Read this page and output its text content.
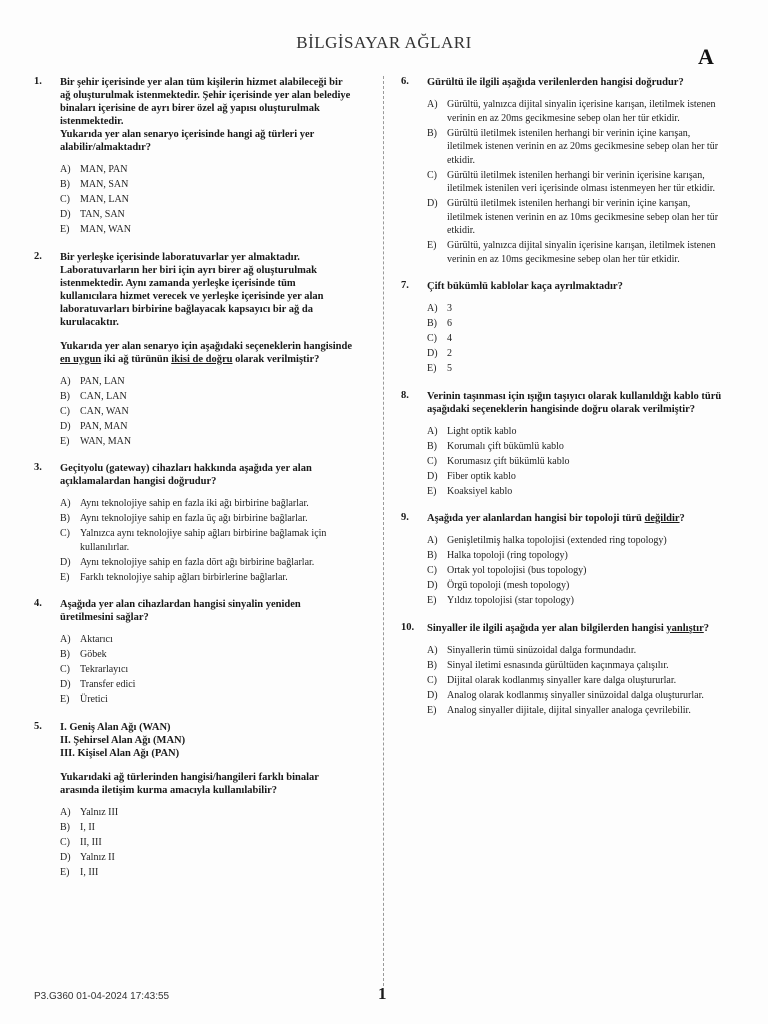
BİLGİSAYAR AĞLARI
A
1. Bir şehir içerisinde yer alan tüm kişilerin hizmet alabileceği bir ağ oluşturulmak istenmektedir. Şehir içerisinde yer alan belediye binaları içerisine de ayrı birer özel ağ yapısı oluşturulmak istenmektedir.

Yukarıda yer alan senaryo içerisinde hangi ağ türleri yer alabilir/almaktadır?

A) MAN, PAN
B) MAN, SAN
C) MAN, LAN
D) TAN, SAN
E) MAN, WAN
2. Bir yerleşke içerisinde laboratuvarlar yer almaktadır. Laboratuvarların her biri için ayrı birer ağ oluşturulmak istenmektedir. Aynı zamanda yerleşke içerisinde tüm kullanıcılara hizmet verecek ve yerleşke içerisinde yer alan laboratuvarları birbirine bağlayacak kapsayıcı bir ağ da kurulacaktır.

Yukarıda yer alan senaryo için aşağıdaki seçeneklerin hangisinde en uygun iki ağ türünün ikisi de doğru olarak verilmiştir?

A) PAN, LAN
B) CAN, LAN
C) CAN, WAN
D) PAN, MAN
E) WAN, MAN
3. Geçityolu (gateway) cihazları hakkında aşağıda yer alan açıklamalardan hangisi doğrudur?

A) Aynı teknolojiye sahip en fazla iki ağı birbirine bağlarlar.
B) Aynı teknolojiye sahip en fazla üç ağı birbirine bağlarlar.
C) Yalnızca aynı teknolojiye sahip ağları birbirine bağlamak için kullanılırlar.
D) Aynı teknolojiye sahip en fazla dört ağı birbirine bağlarlar.
E) Farklı teknolojiye sahip ağları birbirlerine bağlarlar.
4. Aşağıda yer alan cihazlardan hangisi sinyalin yeniden üretilmesini sağlar?

A) Aktarıcı
B) Göbek
C) Tekrarlayıcı
D) Transfer edici
E) Üretici
5. I. Geniş Alan Ağı (WAN)

II. Şehirsel Alan Ağı (MAN)

III. Kişisel Alan Ağı (PAN)

Yukarıdaki ağ türlerinden hangisi/hangileri farklı binalar arasında iletişim kurma amacıyla kullanılabilir?

A) Yalnız III
B) I, II
C) II, III
D) Yalnız II
E) I, III
6. Gürültü ile ilgili aşağıda verilenlerden hangisi doğrudur?

A) Gürültü, yalnızca dijital sinyalin içerisine karışan, iletilmek istenen verinin en az 20ms gecikmesine sebep olan her tür etkidir.
B) Gürültü iletilmek istenilen herhangi bir verinin içine karışan, iletilmek istenen verinin en az 20ms gecikmesine sebep olan her tür etkidir.
C) Gürültü iletilmek istenilen herhangi bir verinin içerisine karışan, iletilmek istenilen veri içerisinde olması istenmeyen her tür etkidir.
D) Gürültü iletilmek istenilen herhangi bir verinin içine karışan, iletilmek istenen verinin en az 10ms gecikmesine sebep olan her tür etkidir.
E) Gürültü, yalnızca dijital sinyalin içerisine karışan, iletilmek istenen verinin en az 10ms gecikmesine sebep olan her tür etkidir.
7. Çift bükümlü kablolar kaça ayrılmaktadır?

A) 3
B) 6
C) 4
D) 2
E) 5
8. Verinin taşınması için ışığın taşıyıcı olarak kullanıldığı kablo türü aşağıdaki seçeneklerin hangisinde doğru olarak verilmiştir?

A) Light optik kablo
B) Korumalı çift bükümlü kablo
C) Korumasız çift bükümlü kablo
D) Fiber optik kablo
E) Koaksiyel kablo
9. Aşağıda yer alanlardan hangisi bir topoloji türü değildir?

A) Genişletilmiş halka topolojisi (extended ring topology)
B) Halka topoloji (ring topology)
C) Ortak yol topolojisi (bus topology)
D) Örgü topoloji (mesh topology)
E) Yıldız topolojisi (star topology)
10. Sinyaller ile ilgili aşağıda yer alan bilgilerden hangisi yanlıştır?

A) Sinyallerin tümü sinüzoidal dalga formundadır.
B) Sinyal iletimi esnasında gürültüden kaçınmaya çalışılır.
C) Dijital olarak kodlanmış sinyaller kare dalga oluştururlar.
D) Analog olarak kodlanmış sinyaller sinüzoidal dalga oluştururlar.
E) Analog sinyaller dijitale, dijital sinyaller analoga çevrilebilir.
P3.G360 01-04-2024 17:43:55	1
